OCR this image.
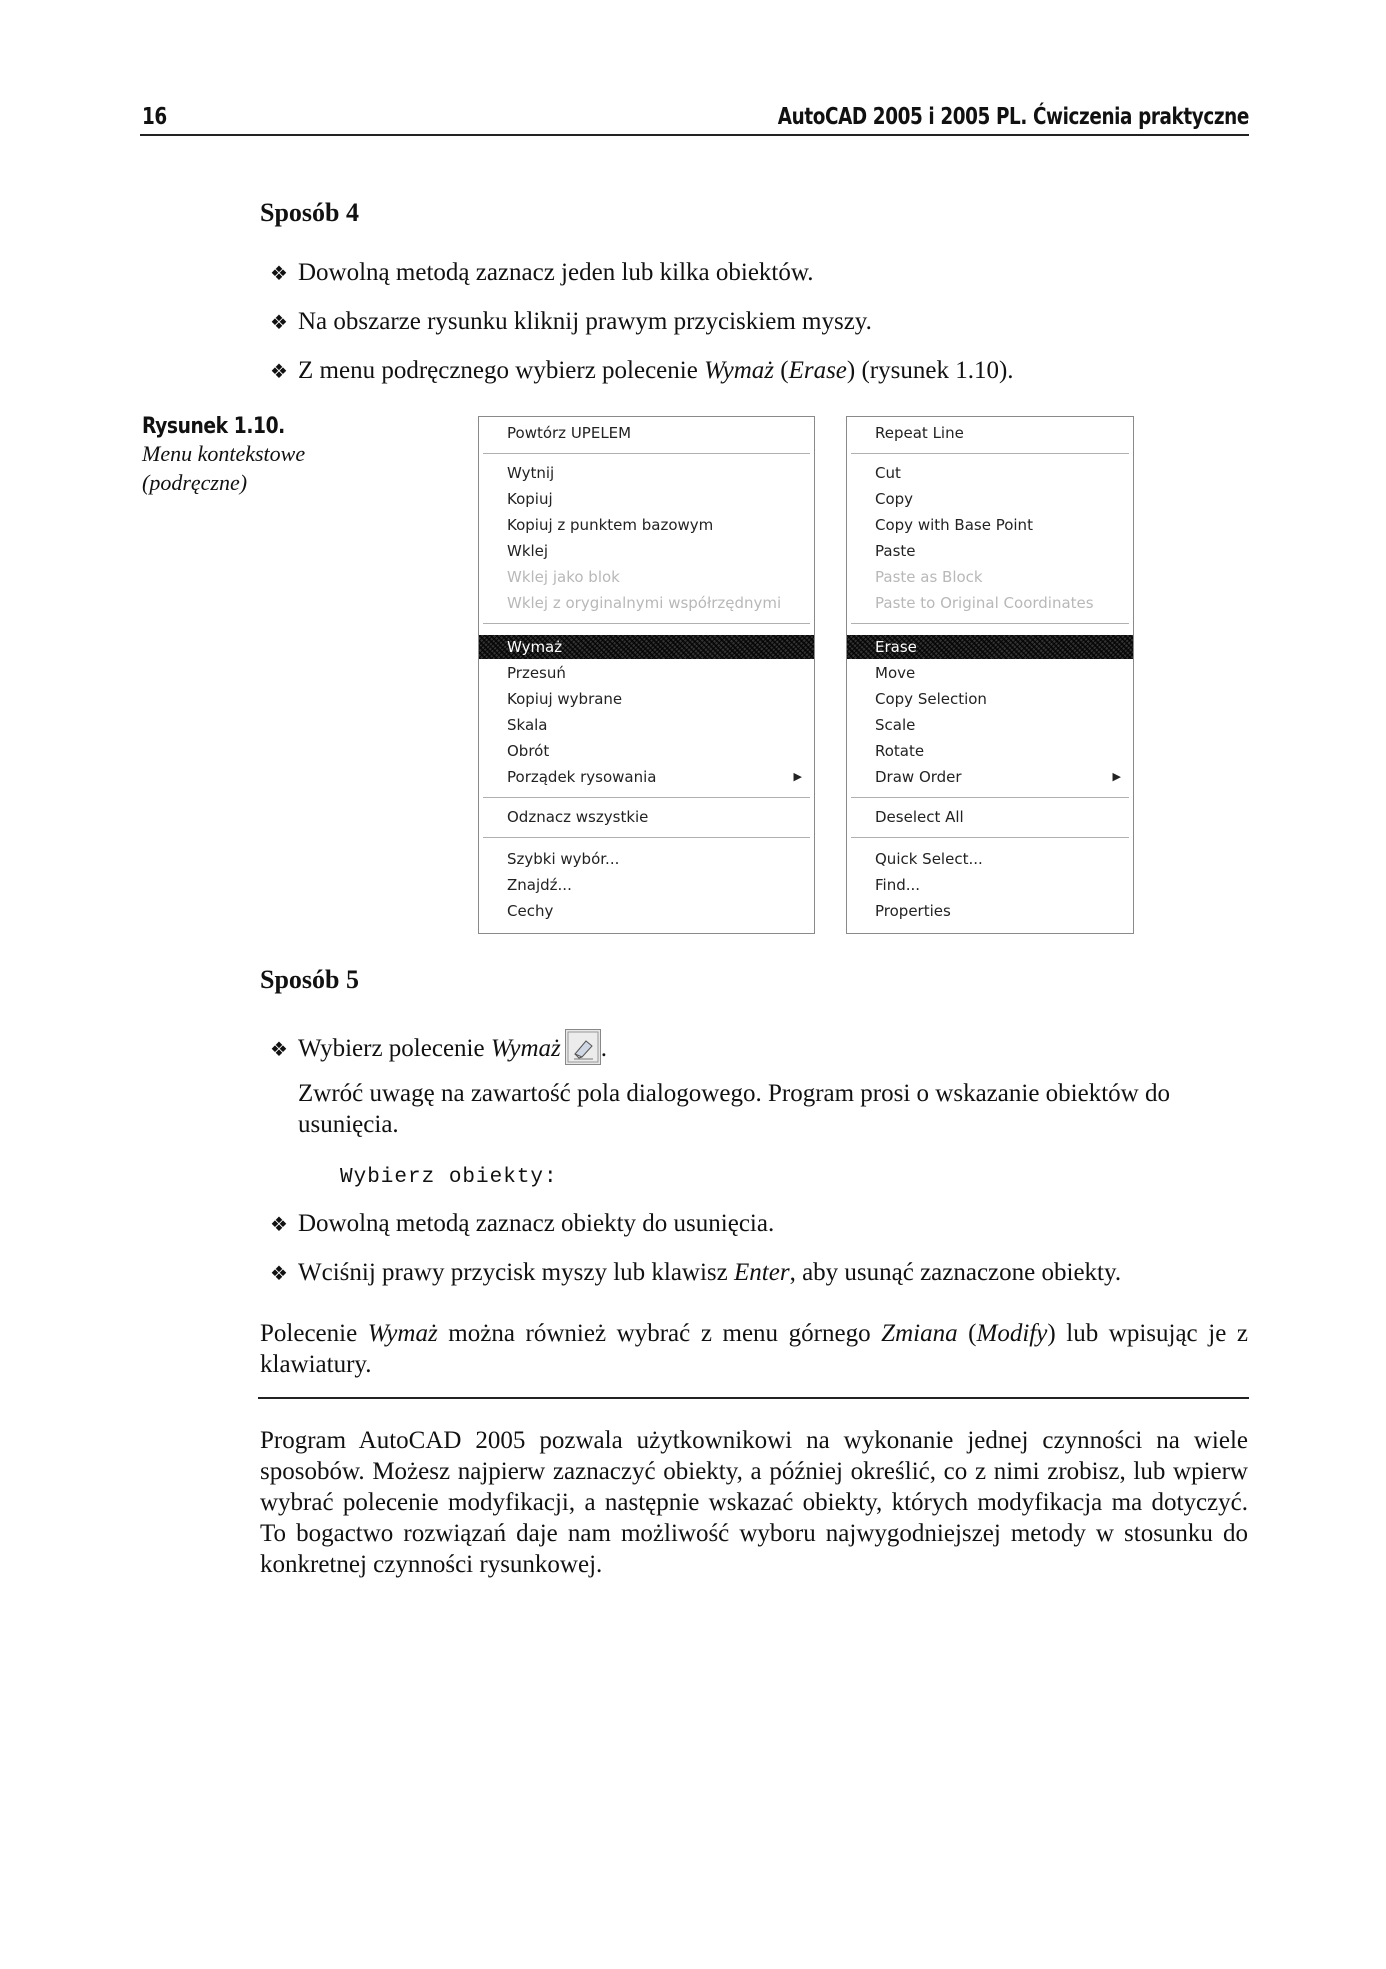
16	AutoCAD 2005 i 2005 PL. Ćwiczenia praktyczne
Sposób 4
❖ Dowolną metodą zaznacz jeden lub kilka obiektów.
❖ Na obszarze rysunku kliknij prawym przyciskiem myszy.
❖ Z menu podręcznego wybierz polecenie Wymaż (Erase) (rysunek 1.10).
Rysunek 1.10.
Menu kontekstowe
(podręczne)
Powtórz UPELEM
Wytnij
Kopiuj
Kopiuj z punktem bazowym
Wklej
Wklej jako blok
Wklej z oryginalnymi współrzędnymi
Wymaż
Przesuń
Kopiuj wybrane
Skala
Obrót
Porządek rysowania	▶
Odznacz wszystkie
Szybki wybór...
Znajdź...
Cechy
Repeat Line
Cut
Copy
Copy with Base Point
Paste
Paste as Block
Paste to Original Coordinates
Erase
Move
Copy Selection
Scale
Rotate
Draw Order	▶
Deselect All
Quick Select...
Find...
Properties
Sposób 5
❖ Wybierz polecenie Wymaż .
Zwróć uwagę na zawartość pola dialogowego. Program prosi o wskazanie obiektów do usunięcia.
Wybierz obiekty:
❖ Dowolną metodą zaznacz obiekty do usunięcia.
❖ Wciśnij prawy przycisk myszy lub klawisz Enter, aby usunąć zaznaczone obiekty.
Polecenie Wymaż można również wybrać z menu górnego Zmiana (Modify) lub wpisując je z klawiatury.
Program AutoCAD 2005 pozwala użytkownikowi na wykonanie jednej czynności na wiele sposobów. Możesz najpierw zaznaczyć obiekty, a później określić, co z nimi zrobisz, lub wpierw wybrać polecenie modyfikacji, a następnie wskazać obiekty, których modyfikacja ma dotyczyć. To bogactwo rozwiązań daje nam możliwość wyboru najwygodniejszej metody w stosunku do konkretnej czynności rysunkowej.
